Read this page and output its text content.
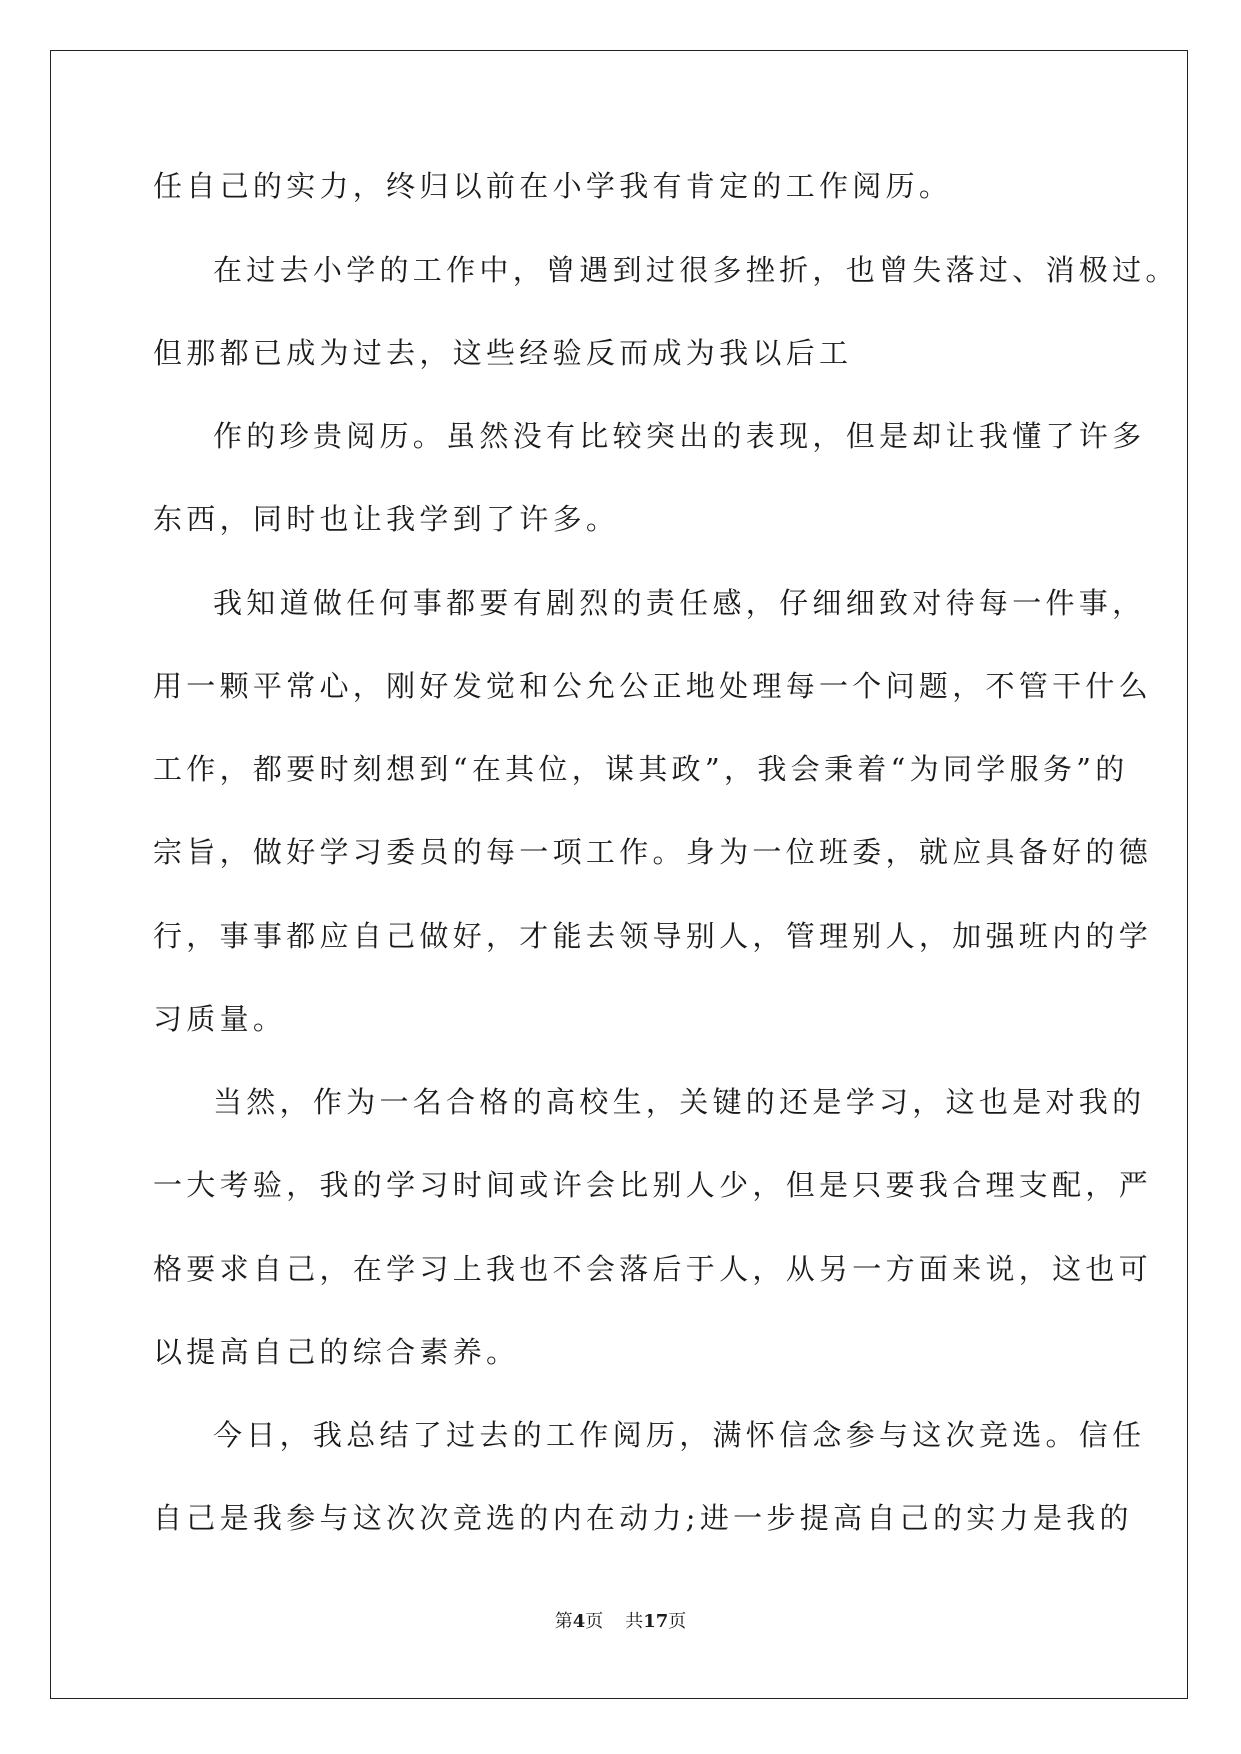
任自己的实力，终归以前在小学我有肯定的工作阅历。
在过去小学的工作中，曾遇到过很多挫折，也曾失落过、消极过。
但那都已成为过去，这些经验反而成为我以后工
作的珍贵阅历。虽然没有比较突出的表现，但是却让我懂了许多
东西，同时也让我学到了许多。
我知道做任何事都要有剧烈的责任感，仔细细致对待每一件事，
用一颗平常心，刚好发觉和公允公正地处理每一个问题，不管干什么
工作，都要时刻想到“在其位，谋其政”，我会秉着“为同学服务”的
宗旨，做好学习委员的每一项工作。身为一位班委，就应具备好的德
行，事事都应自己做好，才能去领导别人，管理别人，加强班内的学
习质量。
当然，作为一名合格的高校生，关键的还是学习，这也是对我的
一大考验，我的学习时间或许会比别人少，但是只要我合理支配，严
格要求自己，在学习上我也不会落后于人，从另一方面来说，这也可
以提高自己的综合素养。
今日，我总结了过去的工作阅历，满怀信念参与这次竞选。信任
自己是我参与这次次竞选的内在动力;进一步提高自己的实力是我的
第4页 共17页
